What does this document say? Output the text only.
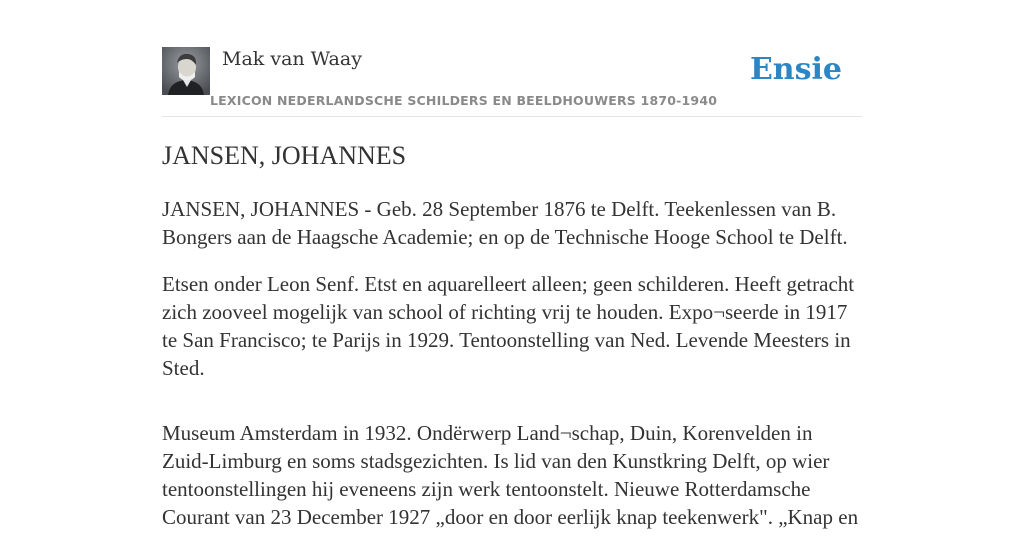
Mak van Waay
LEXICON NEDERLANDSCHE SCHILDERS EN BEELDHOUWERS 1870-1940
Ensie
JANSEN, JOHANNES

JANSEN, JOHANNES - Geb. 28 September 1876 te Delft. Teekenlessen van B. Bongers aan de Haagsche Academie; en op de Technische Hooge School te Delft.

Etsen onder Leon Senf. Etst en aquarelleert alleen; geen schilderen. Heeft getracht zich zooveel mogelijk van school of richting vrij te houden. Expo¬seerde in 1917 te San Francisco; te Parijs in 1929. Tentoonstelling van Ned. Levende Meesters in Sted.

Museum Amsterdam in 1932. Ondërwerp Land¬schap, Duin, Korenvelden in Zuid-Limburg en soms stadsgezichten. Is lid van den Kunstkring Delft, op wier tentoonstellingen hij eveneens zijn werk tentoonstelt. Nieuwe Rotterdamsche Courant van 23 December 1927 „door en door eerlijk knap teekenwerk". „Knap en
